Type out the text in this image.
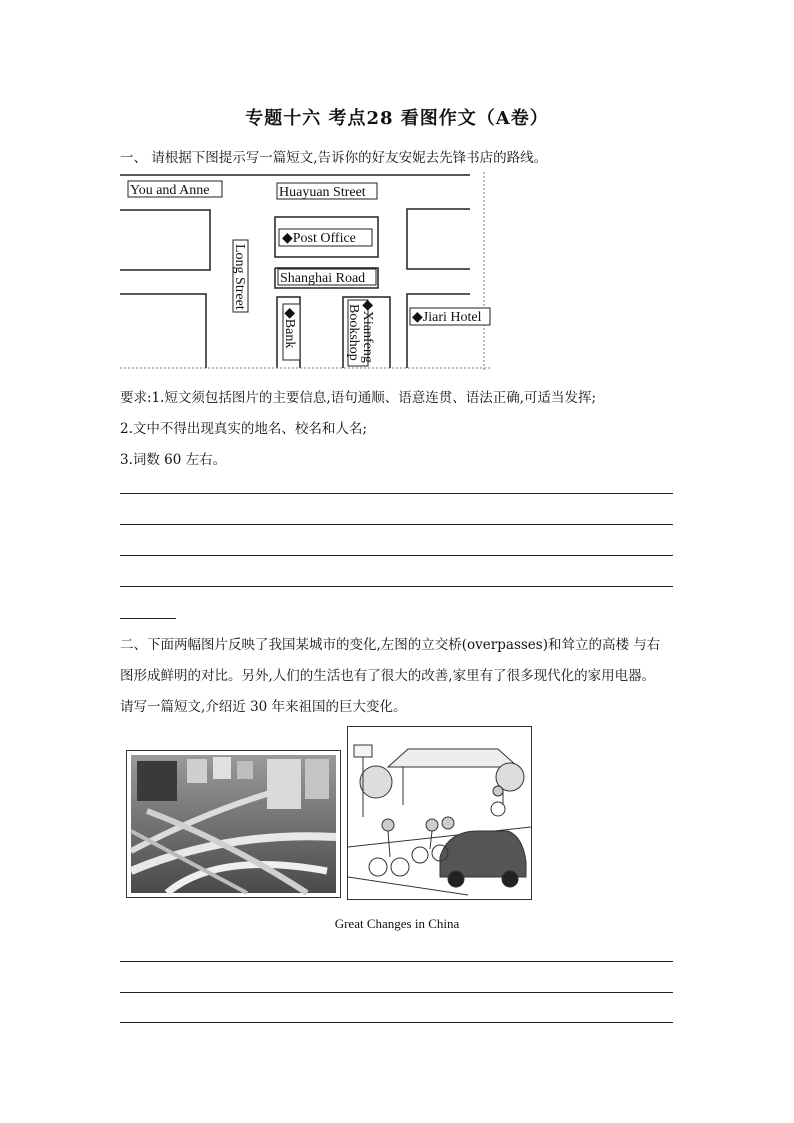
专题十六 考点28 看图作文（A卷）
一、 请根据下图提示写一篇短文,告诉你的好友安妮去先锋书店的路线。
You and Anne	Huayuan Street
◆Post Office
Shanghai Road
Long Street
◆Bank	◆Xianfeng
Bookshop	◆Jiari Hotel
要求:1.短文须包括图片的主要信息,语句通顺、语意连贯、语法正确,可适当发挥;
2.文中不得出现真实的地名、校名和人名;
3.词数 60 左右。
二、下面两幅图片反映了我国某城市的变化,左图的立交桥(overpasses)和耸立的高楼 与右
图形成鲜明的对比。另外,人们的生活也有了很大的改善,家里有了很多现代化的家用电器。
请写一篇短文,介绍近 30 年来祖国的巨大变化。
Great Changes in China
